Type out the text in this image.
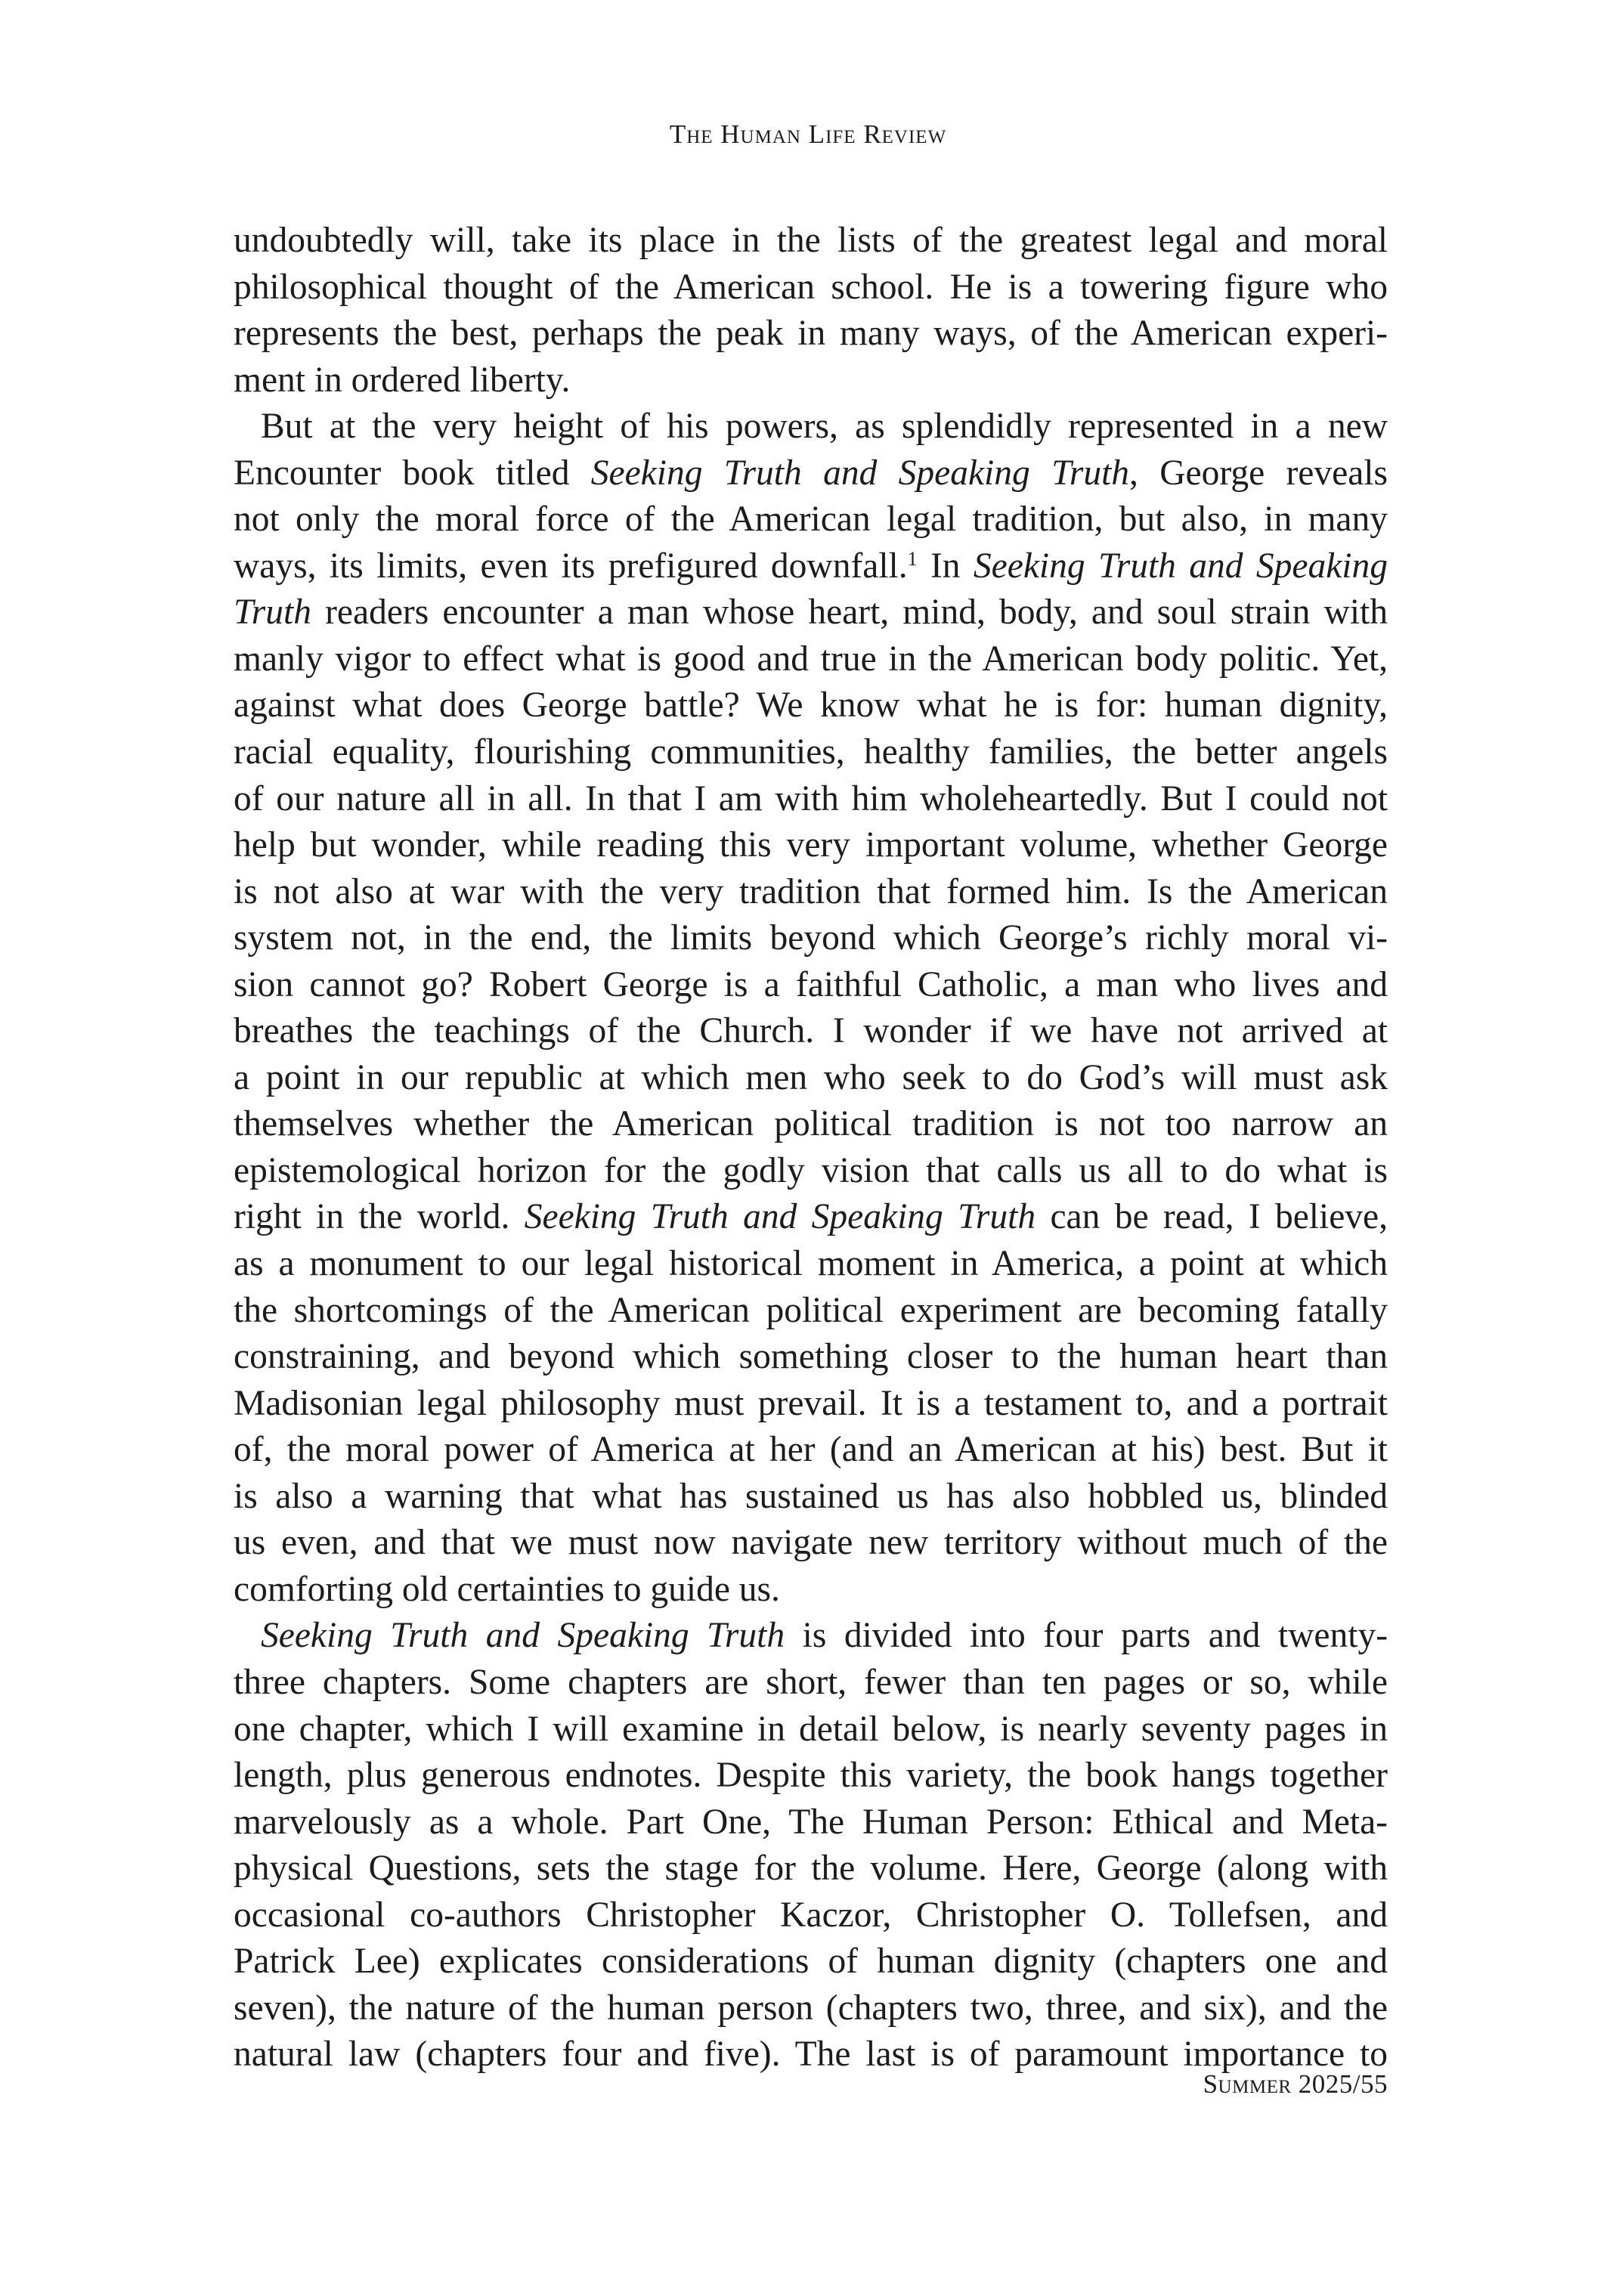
The Human Life Review
undoubtedly will, take its place in the lists of the greatest legal and moral
philosophical thought of the American school. He is a towering figure who
represents the best, perhaps the peak in many ways, of the American experi-
ment in ordered liberty.
But at the very height of his powers, as splendidly represented in a new
Encounter book titled Seeking Truth and Speaking Truth, George reveals
not only the moral force of the American legal tradition, but also, in many
ways, its limits, even its prefigured downfall.$^1$ In Seeking Truth and Speaking
Truth readers encounter a man whose heart, mind, body, and soul strain with
manly vigor to effect what is good and true in the American body politic. Yet,
against what does George battle? We know what he is for: human dignity,
racial equality, flourishing communities, healthy families, the better angels
of our nature all in all. In that I am with him wholeheartedly. But I could not
help but wonder, while reading this very important volume, whether George
is not also at war with the very tradition that formed him. Is the American
system not, in the end, the limits beyond which George’s richly moral vi-
sion cannot go? Robert George is a faithful Catholic, a man who lives and
breathes the teachings of the Church. I wonder if we have not arrived at
a point in our republic at which men who seek to do God’s will must ask
themselves whether the American political tradition is not too narrow an
epistemological horizon for the godly vision that calls us all to do what is
right in the world. Seeking Truth and Speaking Truth can be read, I believe,
as a monument to our legal historical moment in America, a point at which
the shortcomings of the American political experiment are becoming fatally
constraining, and beyond which something closer to the human heart than
Madisonian legal philosophy must prevail. It is a testament to, and a portrait
of, the moral power of America at her (and an American at his) best. But it
is also a warning that what has sustained us has also hobbled us, blinded
us even, and that we must now navigate new territory without much of the
comforting old certainties to guide us.
Seeking Truth and Speaking Truth is divided into four parts and twenty-
three chapters. Some chapters are short, fewer than ten pages or so, while
one chapter, which I will examine in detail below, is nearly seventy pages in
length, plus generous endnotes. Despite this variety, the book hangs together
marvelously as a whole. Part One, The Human Person: Ethical and Meta-
physical Questions, sets the stage for the volume. Here, George (along with
occasional co-authors Christopher Kaczor, Christopher O. Tollefsen, and
Patrick Lee) explicates considerations of human dignity (chapters one and
seven), the nature of the human person (chapters two, three, and six), and the
natural law (chapters four and five). The last is of paramount importance to
Summer 2025/55
